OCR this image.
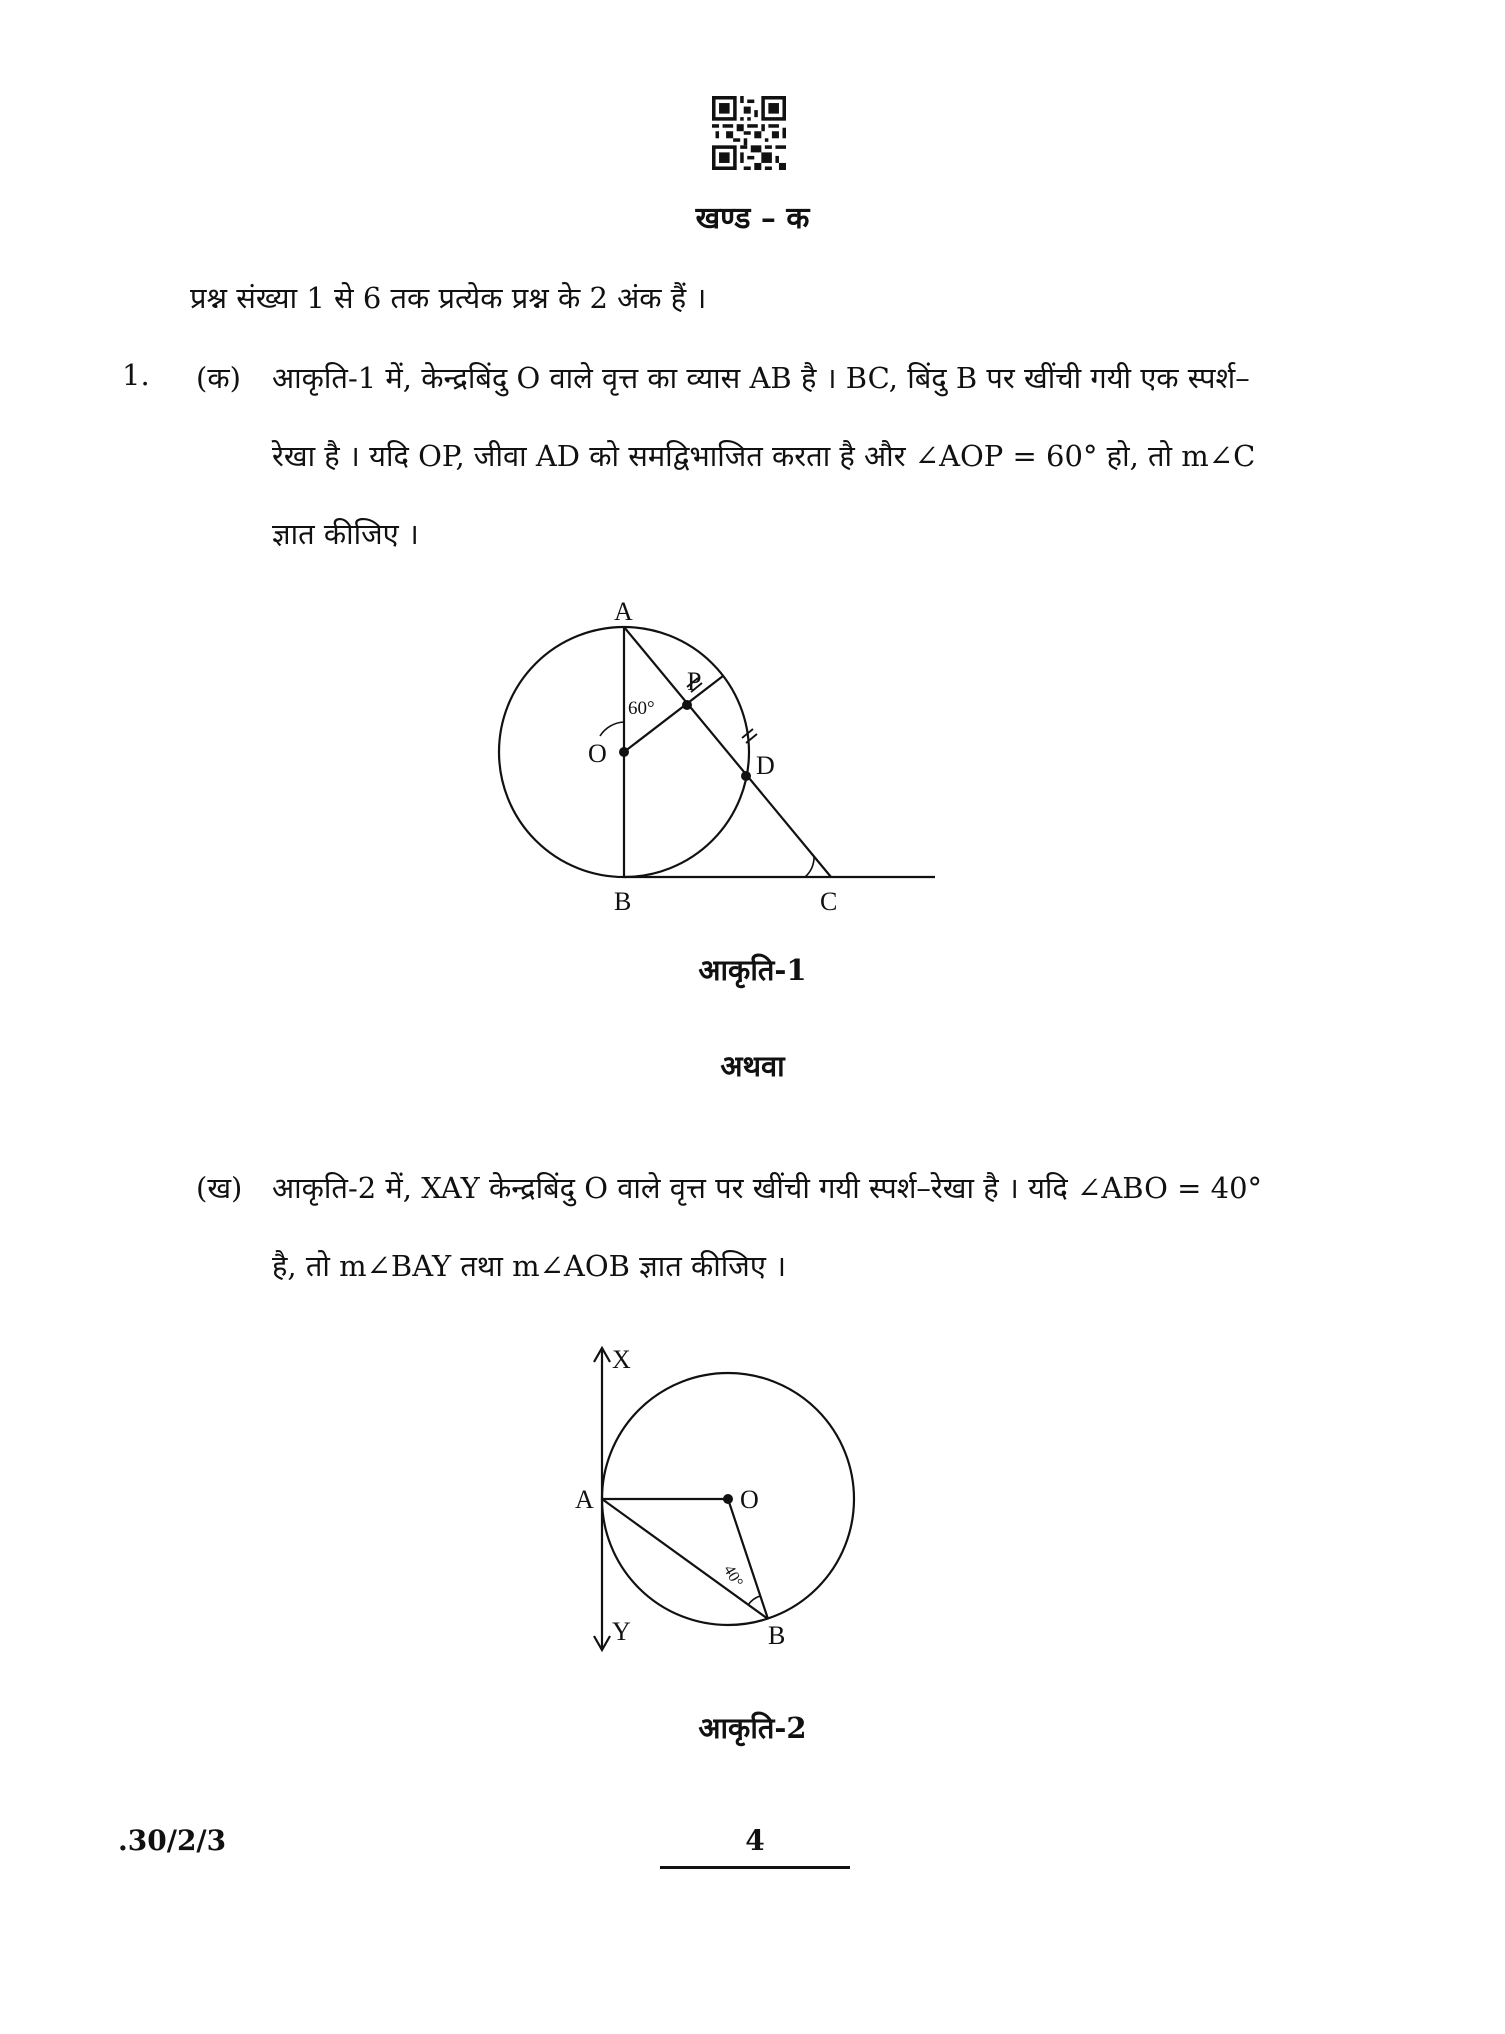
खण्ड – क
प्रश्न संख्या 1 से 6 तक प्रत्येक प्रश्न के 2 अंक हैं ।
1. (क) आकृति-1 में, केन्द्रबिंदु O वाले वृत्त का व्यास AB है । BC, बिंदु B पर खींची गयी एक स्पर्श–
रेखा है । यदि OP, जीवा AD को समद्विभाजित करता है और ∠AOP = 60° हो, तो m∠C
ज्ञात कीजिए ।
A
B	C
D
O
P
60°
आकृति-1
अथवा
(ख) आकृति-2 में, XAY केन्द्रबिंदु O वाले वृत्त पर खींची गयी स्पर्श–रेखा है । यदि ∠ABO = 40°
है, तो m∠BAY तथा m∠AOB ज्ञात कीजिए ।
X
Y
A	O
B
40°
आकृति-2
.30/2/3	4
